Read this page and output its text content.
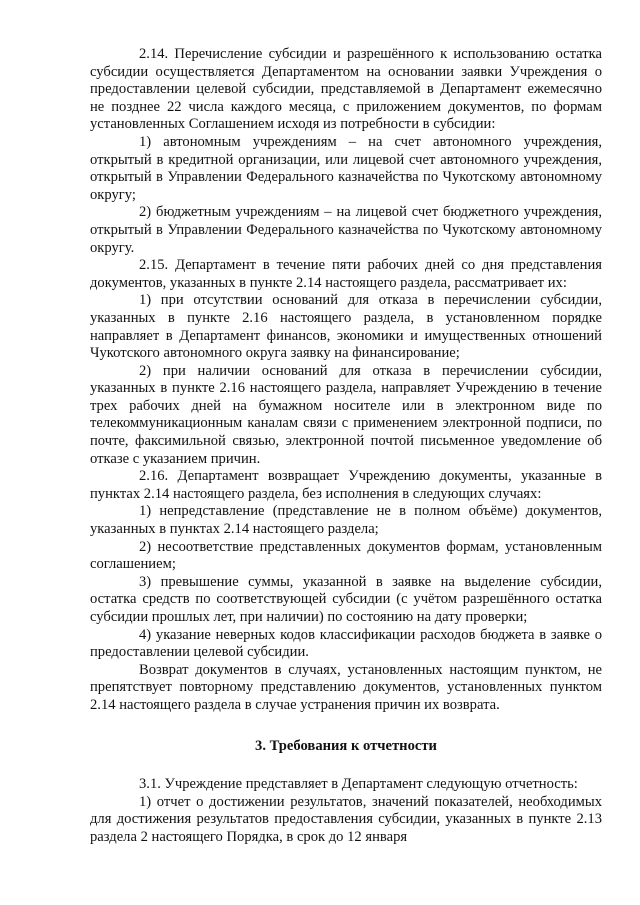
2.14. Перечисление субсидии и разрешённого к использованию остатка субсидии осуществляется Департаментом на основании заявки Учреждения о предоставлении целевой субсидии, представляемой в Департамент ежемесячно не позднее 22 числа каждого месяца, с приложением документов, по формам установленных Соглашением исходя из потребности в субсидии:

1) автономным учреждениям – на счет автономного учреждения, открытый в кредитной организации, или лицевой счет автономного учреждения, открытый в Управлении Федерального казначейства по Чукотскому автономному округу;

2) бюджетным учреждениям – на лицевой счет бюджетного учреждения, открытый в Управлении Федерального казначейства по Чукотскому автономному округу.

2.15. Департамент в течение пяти рабочих дней со дня представления документов, указанных в пункте 2.14 настоящего раздела, рассматривает их:

1) при отсутствии оснований для отказа в перечислении субсидии, указанных в пункте 2.16 настоящего раздела, в установленном порядке направляет в Департамент финансов, экономики и имущественных отношений Чукотского автономного округа заявку на финансирование;

2) при наличии оснований для отказа в перечислении субсидии, указанных в пункте 2.16 настоящего раздела, направляет Учреждению в течение трех рабочих дней на бумажном носителе или в электронном виде по телекоммуникационным каналам связи с применением электронной подписи, по почте, факсимильной связью, электронной почтой письменное уведомление об отказе с указанием причин.

2.16. Департамент возвращает Учреждению документы, указанные в пунктах 2.14 настоящего раздела, без исполнения в следующих случаях:

1) непредставление (представление не в полном объёме) документов, указанных в пунктах 2.14 настоящего раздела;

2) несоответствие представленных документов формам, установленным соглашением;

3) превышение суммы, указанной в заявке на выделение субсидии, остатка средств по соответствующей субсидии (с учётом разрешённого остатка субсидии прошлых лет, при наличии) по состоянию на дату проверки;

4) указание неверных кодов классификации расходов бюджета в заявке о предоставлении целевой субсидии.

Возврат документов в случаях, установленных настоящим пунктом, не препятствует повторному представлению документов, установленных пунктом 2.14 настоящего раздела в случае устранения причин их возврата.

3. Требования к отчетности

3.1. Учреждение представляет в Департамент следующую отчетность:

1) отчет о достижении результатов, значений показателей, необходимых для достижения результатов предоставления субсидии, указанных в пункте 2.13 раздела 2 настоящего Порядка, в срок до 12 января
